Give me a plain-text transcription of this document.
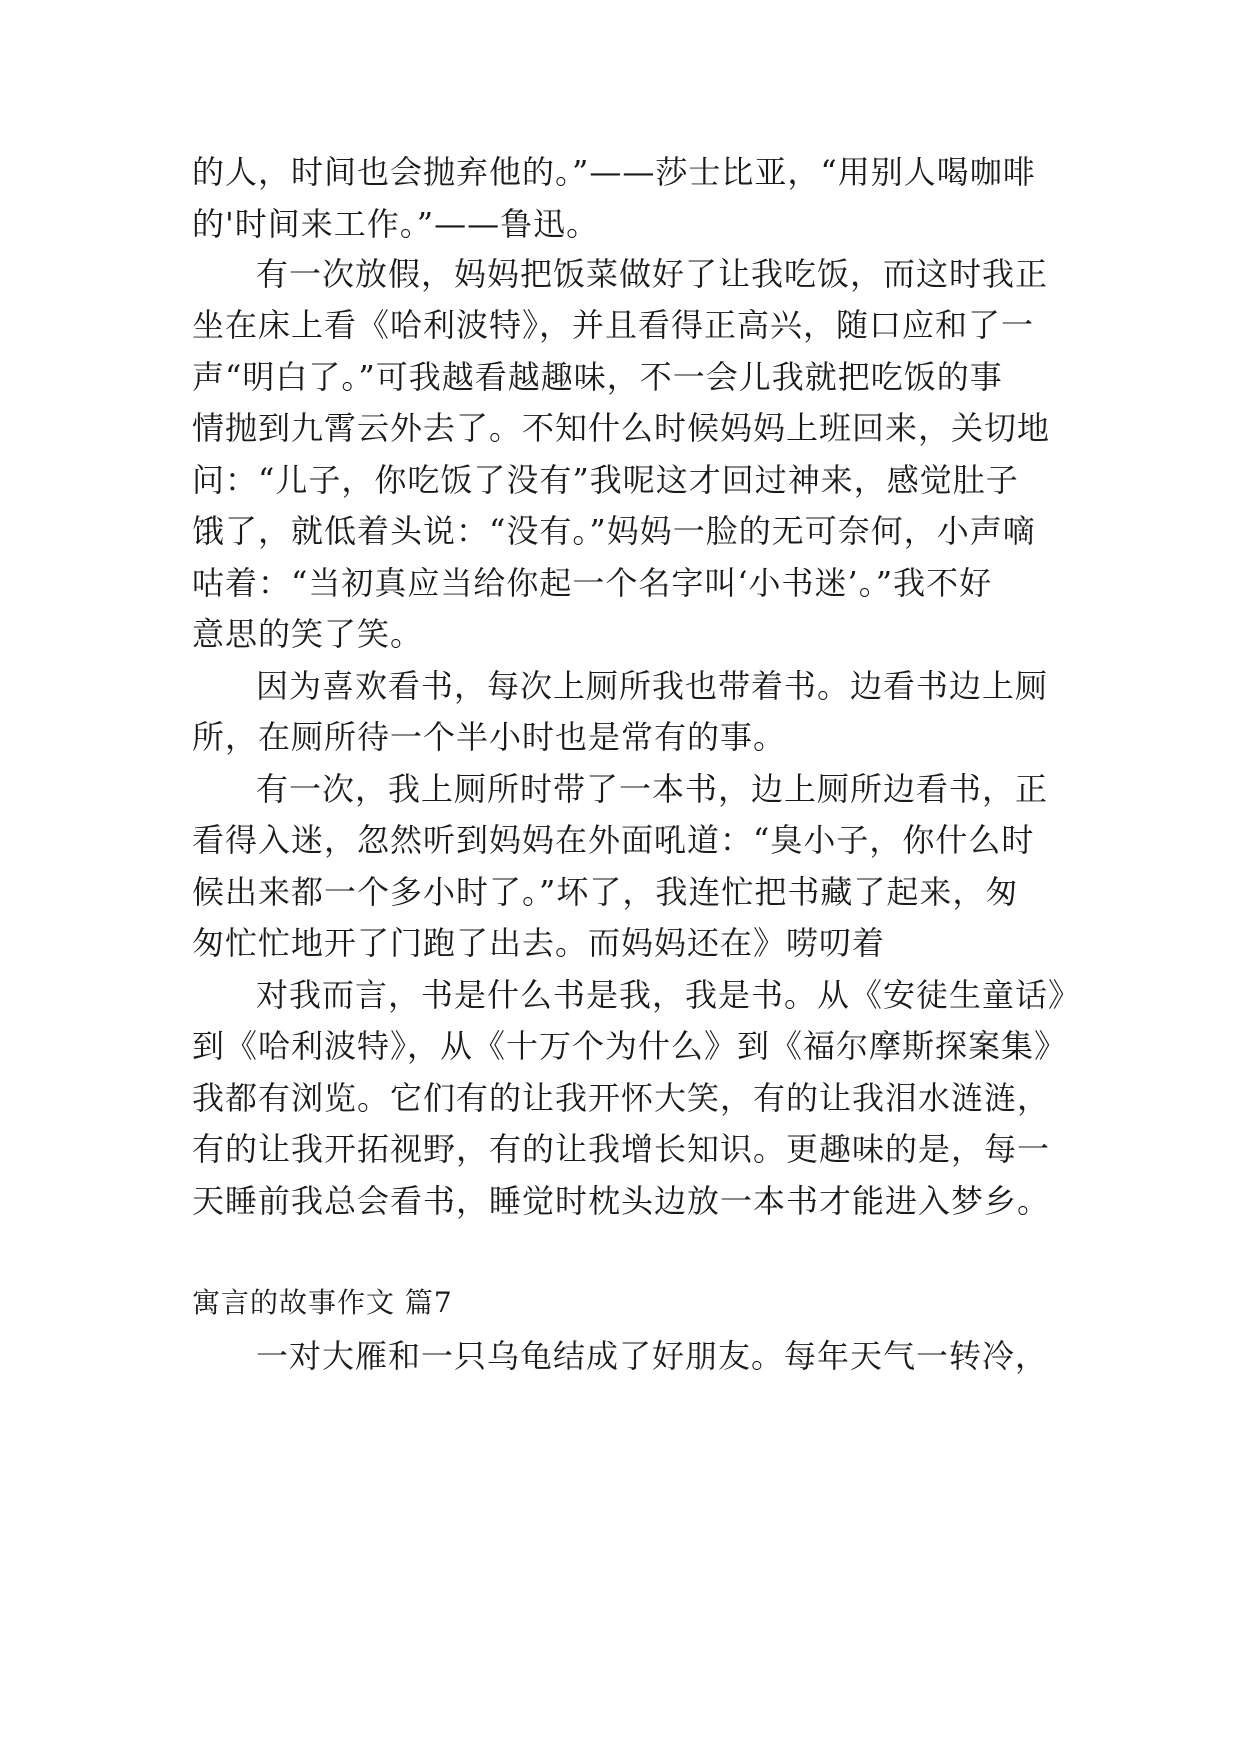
的人，时间也会抛弃他的。”——莎士比亚，“用别人喝咖啡
的'时间来工作。”——鲁迅。
有一次放假，妈妈把饭菜做好了让我吃饭，而这时我正
坐在床上看《哈利波特》，并且看得正高兴，随口应和了一
声“明白了。”可我越看越趣味，不一会儿我就把吃饭的事
情抛到九霄云外去了。不知什么时候妈妈上班回来，关切地
问：“儿子，你吃饭了没有”我呢这才回过神来，感觉肚子
饿了，就低着头说：“没有。”妈妈一脸的无可奈何，小声嘀
咕着：“当初真应当给你起一个名字叫‘小书迷’。”我不好
意思的笑了笑。
因为喜欢看书，每次上厕所我也带着书。边看书边上厕
所，在厕所待一个半小时也是常有的事。
有一次，我上厕所时带了一本书，边上厕所边看书，正
看得入迷，忽然听到妈妈在外面吼道：“臭小子，你什么时
候出来都一个多小时了。”坏了，我连忙把书藏了起来，匆
匆忙忙地开了门跑了出去。而妈妈还在》唠叨着
对我而言，书是什么书是我，我是书。从《安徒生童话》
到《哈利波特》，从《十万个为什么》到《福尔摩斯探案集》
我都有浏览。它们有的让我开怀大笑，有的让我泪水涟涟，
有的让我开拓视野，有的让我增长知识。更趣味的是，每一
天睡前我总会看书，睡觉时枕头边放一本书才能进入梦乡。
寓言的故事作文 篇7
一对大雁和一只乌龟结成了好朋友。每年天气一转冷，
